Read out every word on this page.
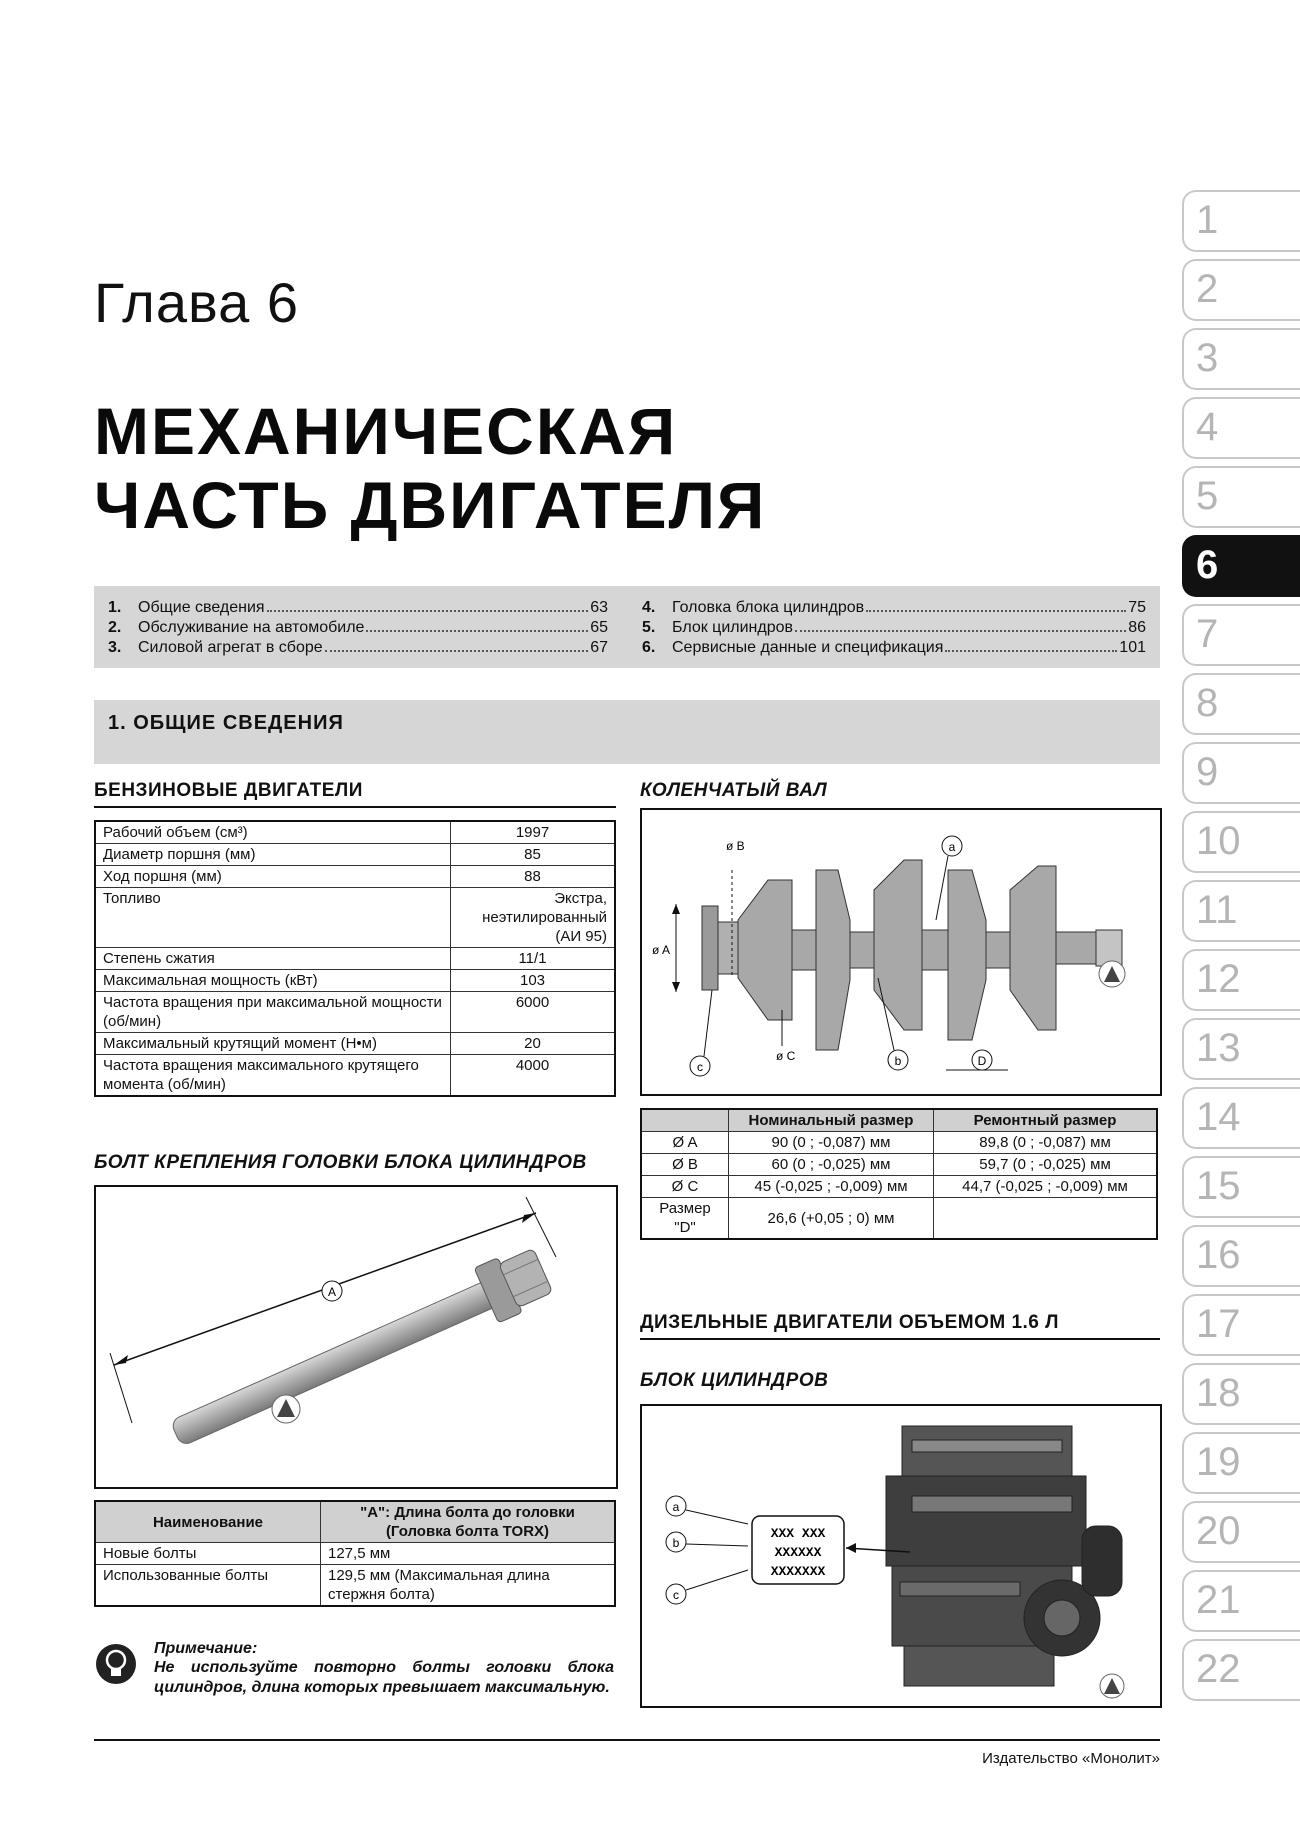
Глава 6
МЕХАНИЧЕСКАЯ
ЧАСТЬ ДВИГАТЕЛЯ
1.	Общие сведения	63
2.	Обслуживание на автомобиле	65
3.	Силовой агрегат в сборе	67
4.	Головка блока цилиндров	75
5.	Блок цилиндров	86
6.	Сервисные данные и спецификация	101
1. ОБЩИЕ СВЕДЕНИЯ
БЕНЗИНОВЫЕ ДВИГАТЕЛИ
Рабочий объем (см³)	1997
Диаметр поршня (мм)	85
Ход поршня (мм)	88
Топливо	Экстра, неэтилированный (АИ 95)
Степень сжатия	11/1
Максимальная мощность (кВт)	103
Частота вращения при максимальной мощности (об/мин)	6000
Максимальный крутящий момент (Н•м)	20
Частота вращения максимального крутящего момента (об/мин)	4000
БОЛТ КРЕПЛЕНИЯ ГОЛОВКИ БЛОКА ЦИЛИНДРОВ
A
Наименование	"A": Длина болта до головки (Головка болта TORX)
Новые болты	127,5 мм
Использованные болты	129,5 мм (Максимальная длина стержня болта)
Примечание:
Не используйте повторно болты головки блока цилиндров, длина которых превышает максимальную.
КОЛЕНЧАТЫЙ ВАЛ
ø A
ø B
ø C
a
b
c	D
	Номинальный размер	Ремонтный размер
Ø A	90 (0 ; -0,087) мм	89,8 (0 ; -0,087) мм
Ø B	60 (0 ; -0,025) мм	59,7 (0 ; -0,025) мм
Ø C	45 (-0,025 ; -0,009) мм	44,7 (-0,025 ; -0,009) мм
Размер "D"	26,6 (+0,05 ; 0) мм	
ДИЗЕЛЬНЫЕ ДВИГАТЕЛИ ОБЪЕМОМ 1.6 Л
БЛОК ЦИЛИНДРОВ
XXX XXX
XXXXXX
XXXXXXX
a
b
c
Издательство «Монолит»
1
2
3
4
5
6
7
8
9
10
11
12
13
14
15
16
17
18
19
20
21
22
